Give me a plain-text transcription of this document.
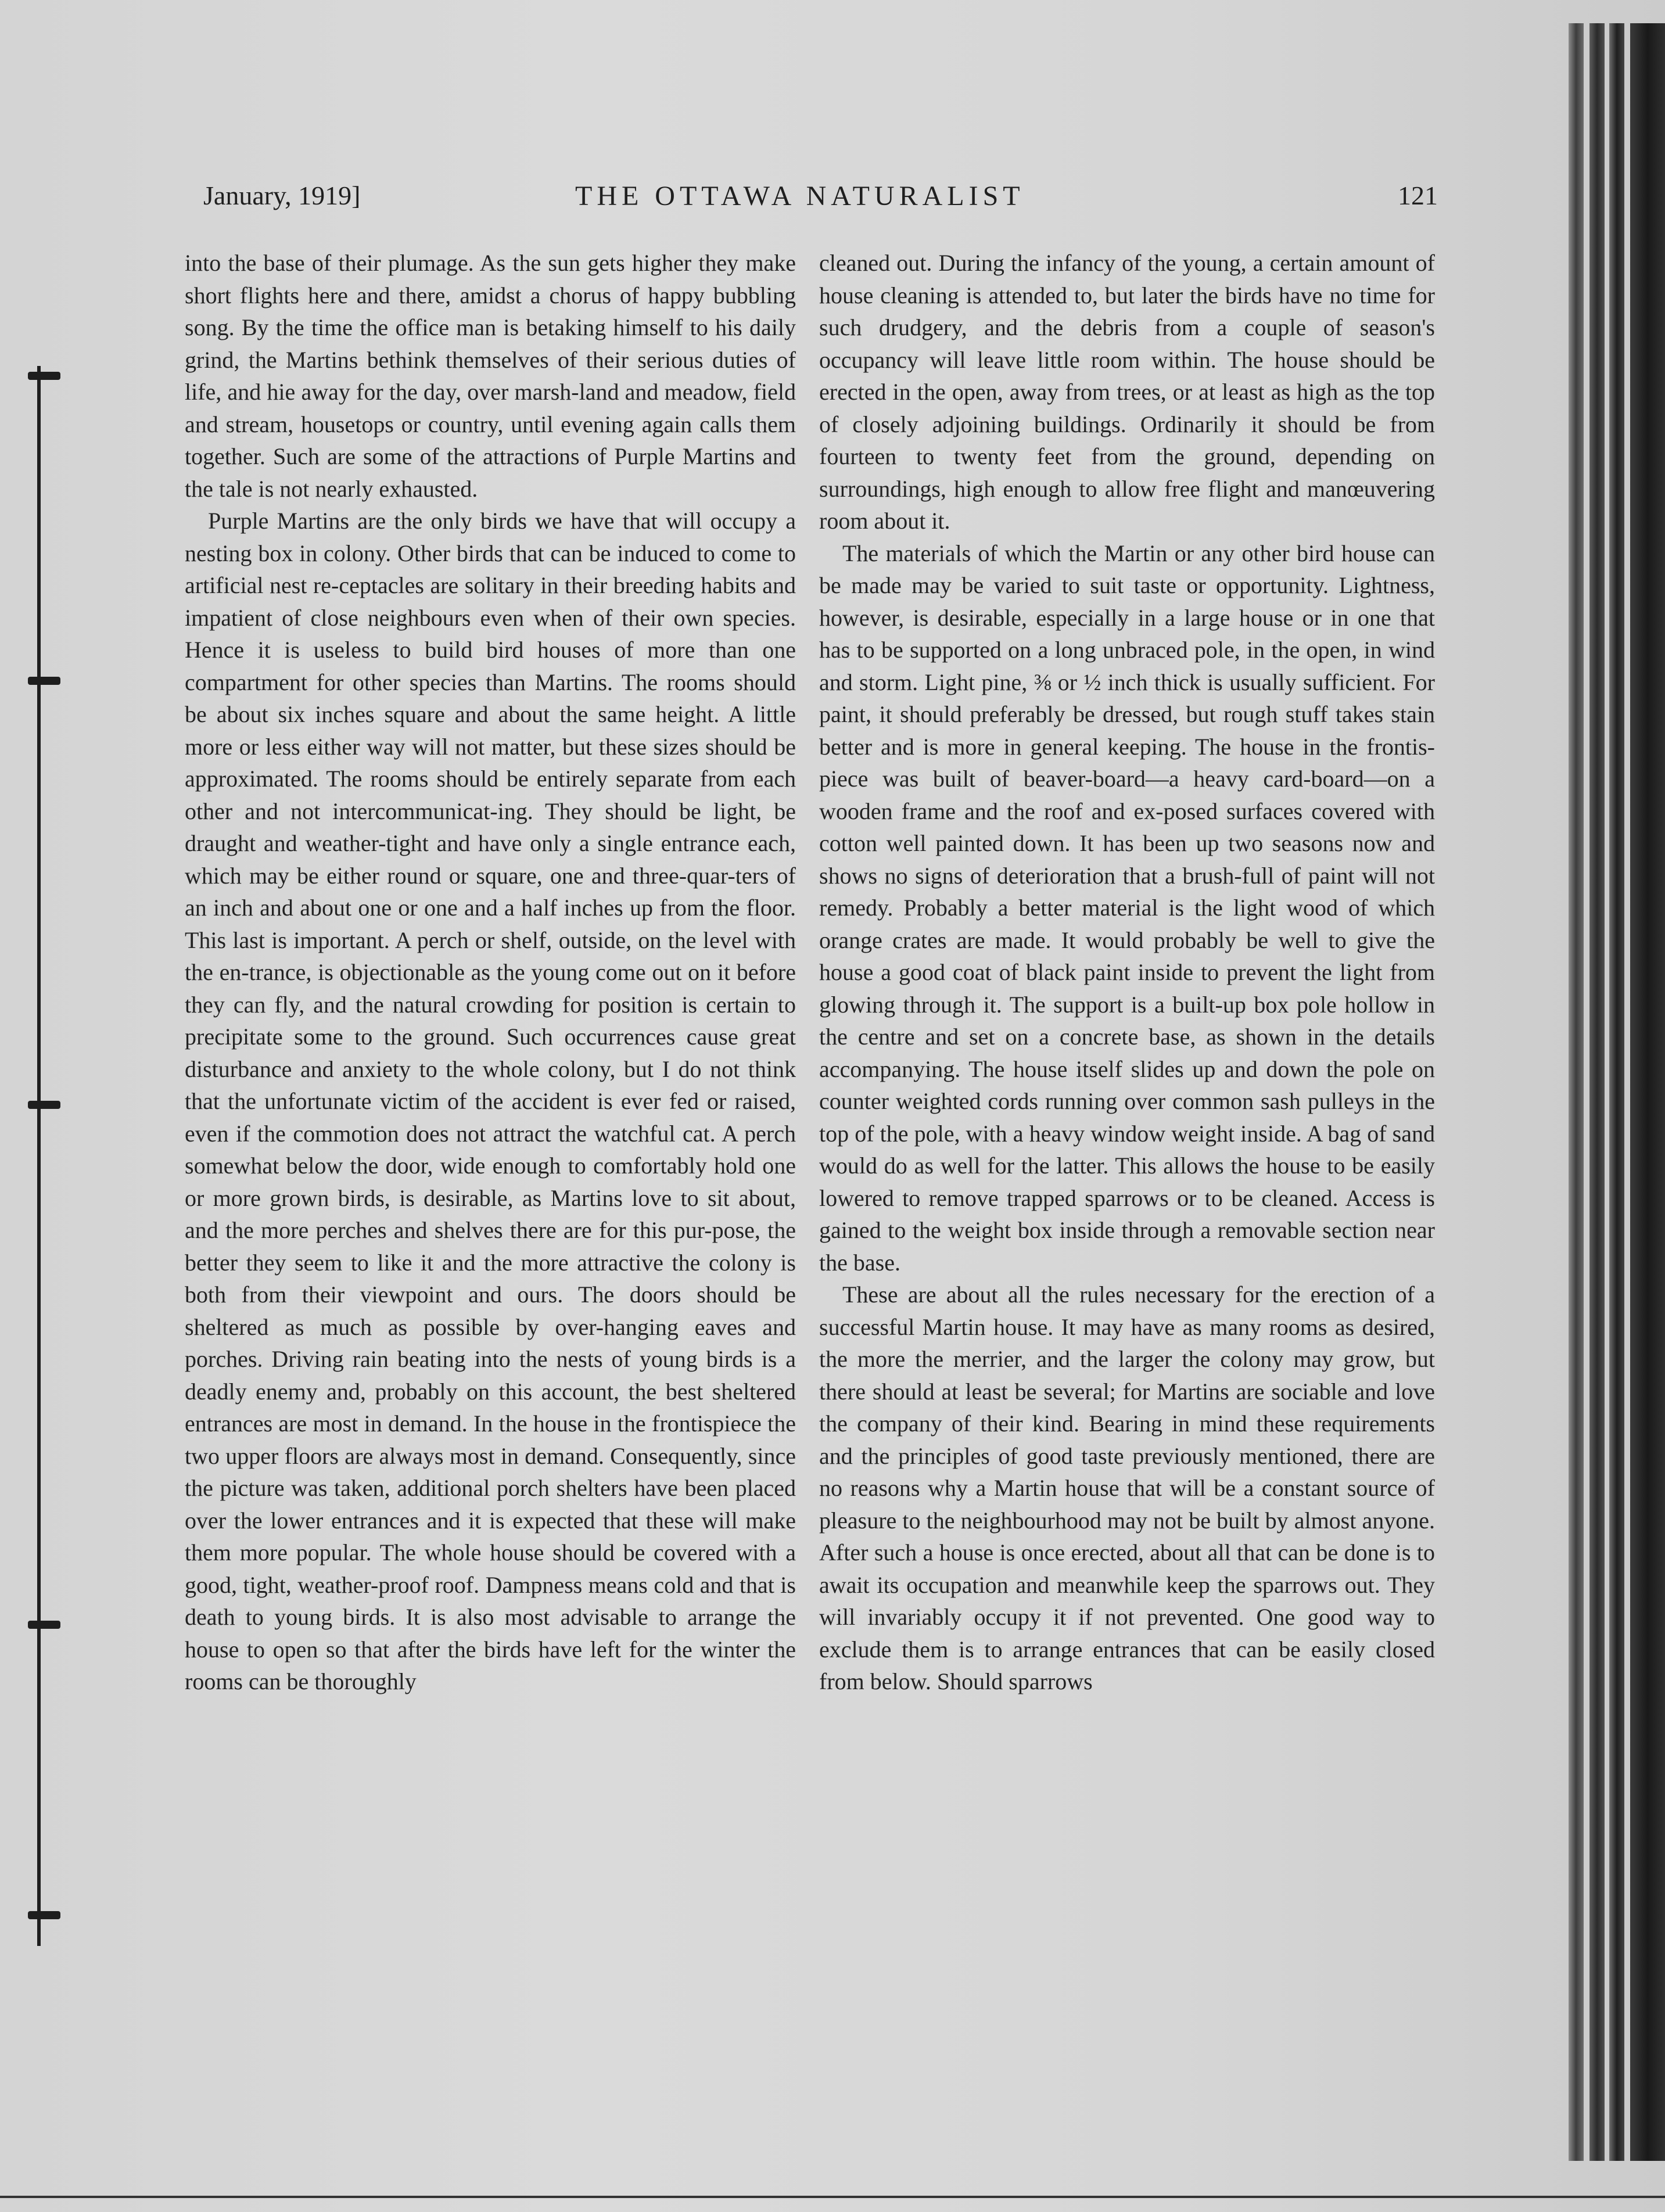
January, 1919]	THE OTTAWA NATURALIST	121

into the base of their plumage. As the sun gets higher they make short flights here and there, amidst a chorus of happy bubbling song. By the time the office man is betaking himself to his daily grind, the Martins bethink themselves of their serious duties of life, and hie away for the day, over marsh-land and meadow, field and stream, housetops or country, until evening again calls them together. Such are some of the attractions of Purple Martins and the tale is not nearly exhausted.

Purple Martins are the only birds we have that will occupy a nesting box in colony. Other birds that can be induced to come to artificial nest re-ceptacles are solitary in their breeding habits and impatient of close neighbours even when of their own species. Hence it is useless to build bird houses of more than one compartment for other species than Martins. The rooms should be about six inches square and about the same height. A little more or less either way will not matter, but these sizes should be approximated. The rooms should be entirely separate from each other and not intercommunicat-ing. They should be light, be draught and weather-tight and have only a single entrance each, which may be either round or square, one and three-quar-ters of an inch and about one or one and a half inches up from the floor. This last is important. A perch or shelf, outside, on the level with the en-trance, is objectionable as the young come out on it before they can fly, and the natural crowding for position is certain to precipitate some to the ground. Such occurrences cause great disturbance and anxiety to the whole colony, but I do not think that the unfortunate victim of the accident is ever fed or raised, even if the commotion does not attract the watchful cat. A perch somewhat below the door, wide enough to comfortably hold one or more grown birds, is desirable, as Martins love to sit about, and the more perches and shelves there are for this pur-pose, the better they seem to like it and the more attractive the colony is both from their viewpoint and ours. The doors should be sheltered as much as possible by over-hanging eaves and porches. Driving rain beating into the nests of young birds is a deadly enemy and, probably on this account, the best sheltered entrances are most in demand. In the house in the frontispiece the two upper floors are always most in demand. Consequently, since the picture was taken, additional porch shelters have been placed over the lower entrances and it is expected that these will make them more popular. The whole house should be covered with a good, tight, weather-proof roof. Dampness means cold and that is death to young birds. It is also most advisable to arrange the house to open so that after the birds have left for the winter the rooms can be thoroughly

cleaned out. During the infancy of the young, a certain amount of house cleaning is attended to, but later the birds have no time for such drudgery, and the debris from a couple of season's occupancy will leave little room within. The house should be erected in the open, away from trees, or at least as high as the top of closely adjoining buildings. Ordinarily it should be from fourteen to twenty feet from the ground, depending on surroundings, high enough to allow free flight and manœuvering room about it.

The materials of which the Martin or any other bird house can be made may be varied to suit taste or opportunity. Lightness, however, is desirable, especially in a large house or in one that has to be supported on a long unbraced pole, in the open, in wind and storm. Light pine, ⅜ or ½ inch thick is usually sufficient. For paint, it should preferably be dressed, but rough stuff takes stain better and is more in general keeping. The house in the frontis-piece was built of beaver-board—a heavy card-board—on a wooden frame and the roof and ex-posed surfaces covered with cotton well painted down. It has been up two seasons now and shows no signs of deterioration that a brush-full of paint will not remedy. Probably a better material is the light wood of which orange crates are made. It would probably be well to give the house a good coat of black paint inside to prevent the light from glowing through it. The support is a built-up box pole hollow in the centre and set on a concrete base, as shown in the details accompanying. The house itself slides up and down the pole on counter weighted cords running over common sash pulleys in the top of the pole, with a heavy window weight inside. A bag of sand would do as well for the latter. This allows the house to be easily lowered to remove trapped sparrows or to be cleaned. Access is gained to the weight box inside through a removable section near the base.

These are about all the rules necessary for the erection of a successful Martin house. It may have as many rooms as desired, the more the merrier, and the larger the colony may grow, but there should at least be several; for Martins are sociable and love the company of their kind. Bearing in mind these requirements and the principles of good taste previously mentioned, there are no reasons why a Martin house that will be a constant source of pleasure to the neighbourhood may not be built by almost anyone. After such a house is once erected, about all that can be done is to await its occupation and meanwhile keep the sparrows out. They will invariably occupy it if not prevented. One good way to exclude them is to arrange entrances that can be easily closed from below. Should sparrows
